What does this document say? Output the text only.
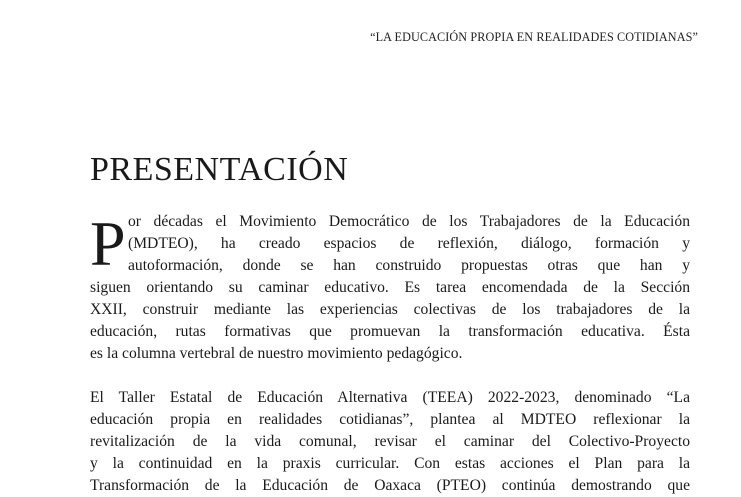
“LA EDUCACIÓN PROPIA EN REALIDADES COTIDIANAS”
PRESENTACIÓN
P or décadas el Movimiento Democrático de los Trabajadores de la Educación
(MDTEO), ha creado espacios de reflexión, diálogo, formación y
autoformación, donde se han construido propuestas otras que han y
siguen orientando su caminar educativo. Es tarea encomendada de la Sección
XXII, construir mediante las experiencias colectivas de los trabajadores de la
educación, rutas formativas que promuevan la transformación educativa. Ésta
es la columna vertebral de nuestro movimiento pedagógico.
El Taller Estatal de Educación Alternativa (TEEA) 2022-2023, denominado “La
educación propia en realidades cotidianas”, plantea al MDTEO reflexionar la
revitalización de la vida comunal, revisar el caminar del Colectivo-Proyecto
y la continuidad en la praxis curricular. Con estas acciones el Plan para la
Transformación de la Educación de Oaxaca (PTEO) continúa demostrando que
